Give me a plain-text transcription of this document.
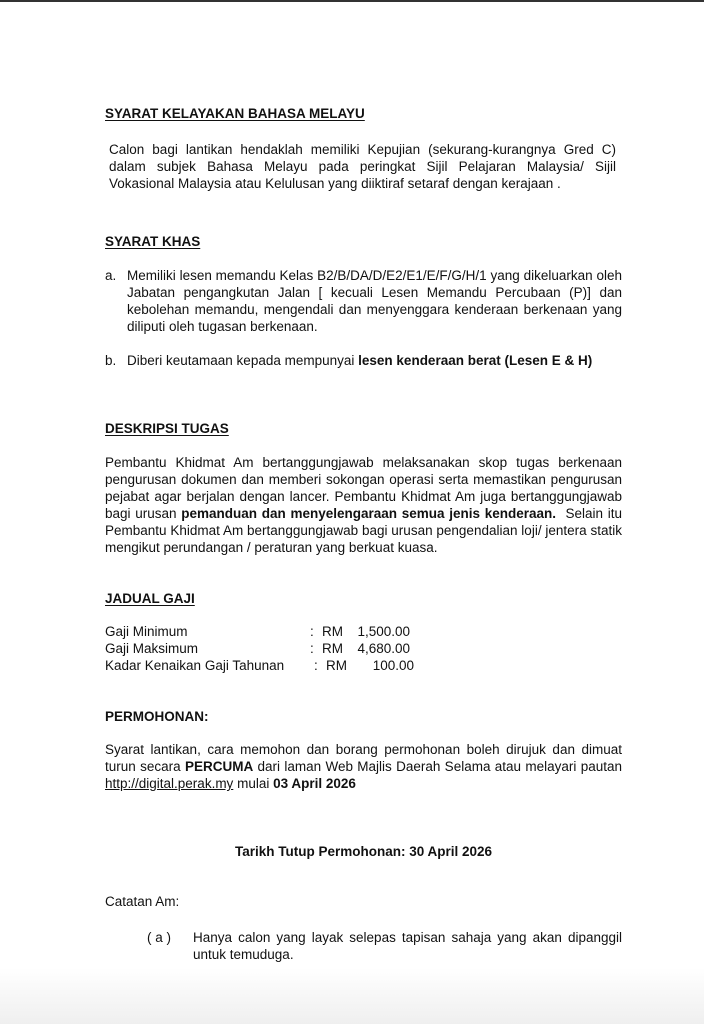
SYARAT KELAYAKAN BAHASA MELAYU

Calon bagi lantikan hendaklah memiliki Kepujian (sekurang-kurangnya Gred C) dalam subjek Bahasa Melayu pada peringkat Sijil Pelajaran Malaysia/ Sijil Vokasional Malaysia atau Kelulusan yang diiktiraf setaraf dengan kerajaan .

SYARAT KHAS
a. Memiliki lesen memandu Kelas B2/B/DA/D/E2/E1/E/F/G/H/1 yang dikeluarkan oleh Jabatan pengangkutan Jalan [ kecuali Lesen Memandu Percubaan (P)] dan kebolehan memandu, mengendali dan menyenggara kenderaan berkenaan yang diliputi oleh tugasan berkenaan.

b. Diberi keutamaan kepada mempunyai lesen kenderaan berat (Lesen E & H)

DESKRIPSI TUGAS

Pembantu Khidmat Am bertanggungjawab melaksanakan skop tugas berkenaan pengurusan dokumen dan memberi sokongan operasi serta memastikan pengurusan pejabat agar berjalan dengan lancer. Pembantu Khidmat Am juga bertanggungjawab bagi urusan pemanduan dan menyelengaraan semua jenis kenderaan. Selain itu Pembantu Khidmat Am bertanggungjawab bagi urusan pengendalian loji/ jentera statik mengikut perundangan / peraturan yang berkuat kuasa.

JADUAL GAJI
Gaji Minimum	: RM	1,500.00
Gaji Maksimum	: RM	4,680.00
Kadar Kenaikan Gaji Tahunan	: RM	100.00
PERMOHONAN:

Syarat lantikan, cara memohon dan borang permohonan boleh dirujuk dan dimuat turun secara PERCUMA dari laman Web Majlis Daerah Selama atau melayari pautan http://digital.perak.my mulai 03 April 2026

Tarikh Tutup Permohonan: 30 April 2026
Catatan Am:
( a )	Hanya calon yang layak selepas tapisan sahaja yang akan dipanggil untuk temuduga.
